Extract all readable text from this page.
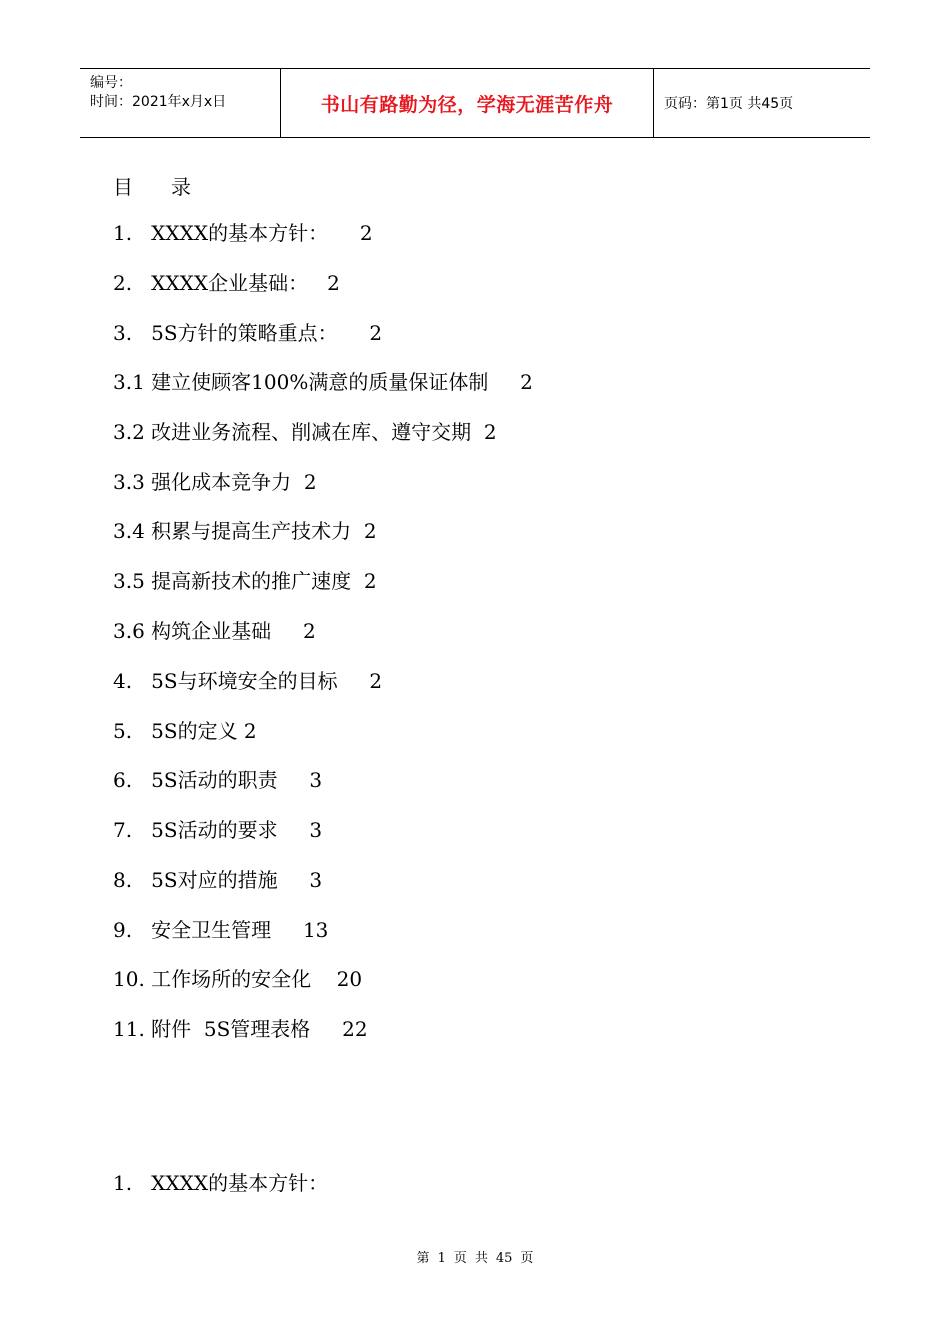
编号：
时间：2021年x月x日	书山有路勤为径，学海无涯苦作舟	页码：第1页 共45页
目 录
1.   XXXX的基本方针：     2
2.   XXXX企业基础：   2
3.   5S方针的策略重点：     2
3.1 建立使顾客100%满意的质量保证体制     2
3.2 改进业务流程、削减在库、遵守交期  2
3.3 强化成本竞争力  2
3.4 积累与提高生产技术力  2
3.5 提高新技术的推广速度  2
3.6 构筑企业基础     2
4.   5S与环境安全的目标     2
5.   5S的定义 2
6.   5S活动的职责     3
7.   5S活动的要求     3
8.   5S对应的措施     3
9.   安全卫生管理     13
10. 工作场所的安全化    20
11. 附件  5S管理表格     22
1.   XXXX的基本方针：
第 1 页 共 45 页
